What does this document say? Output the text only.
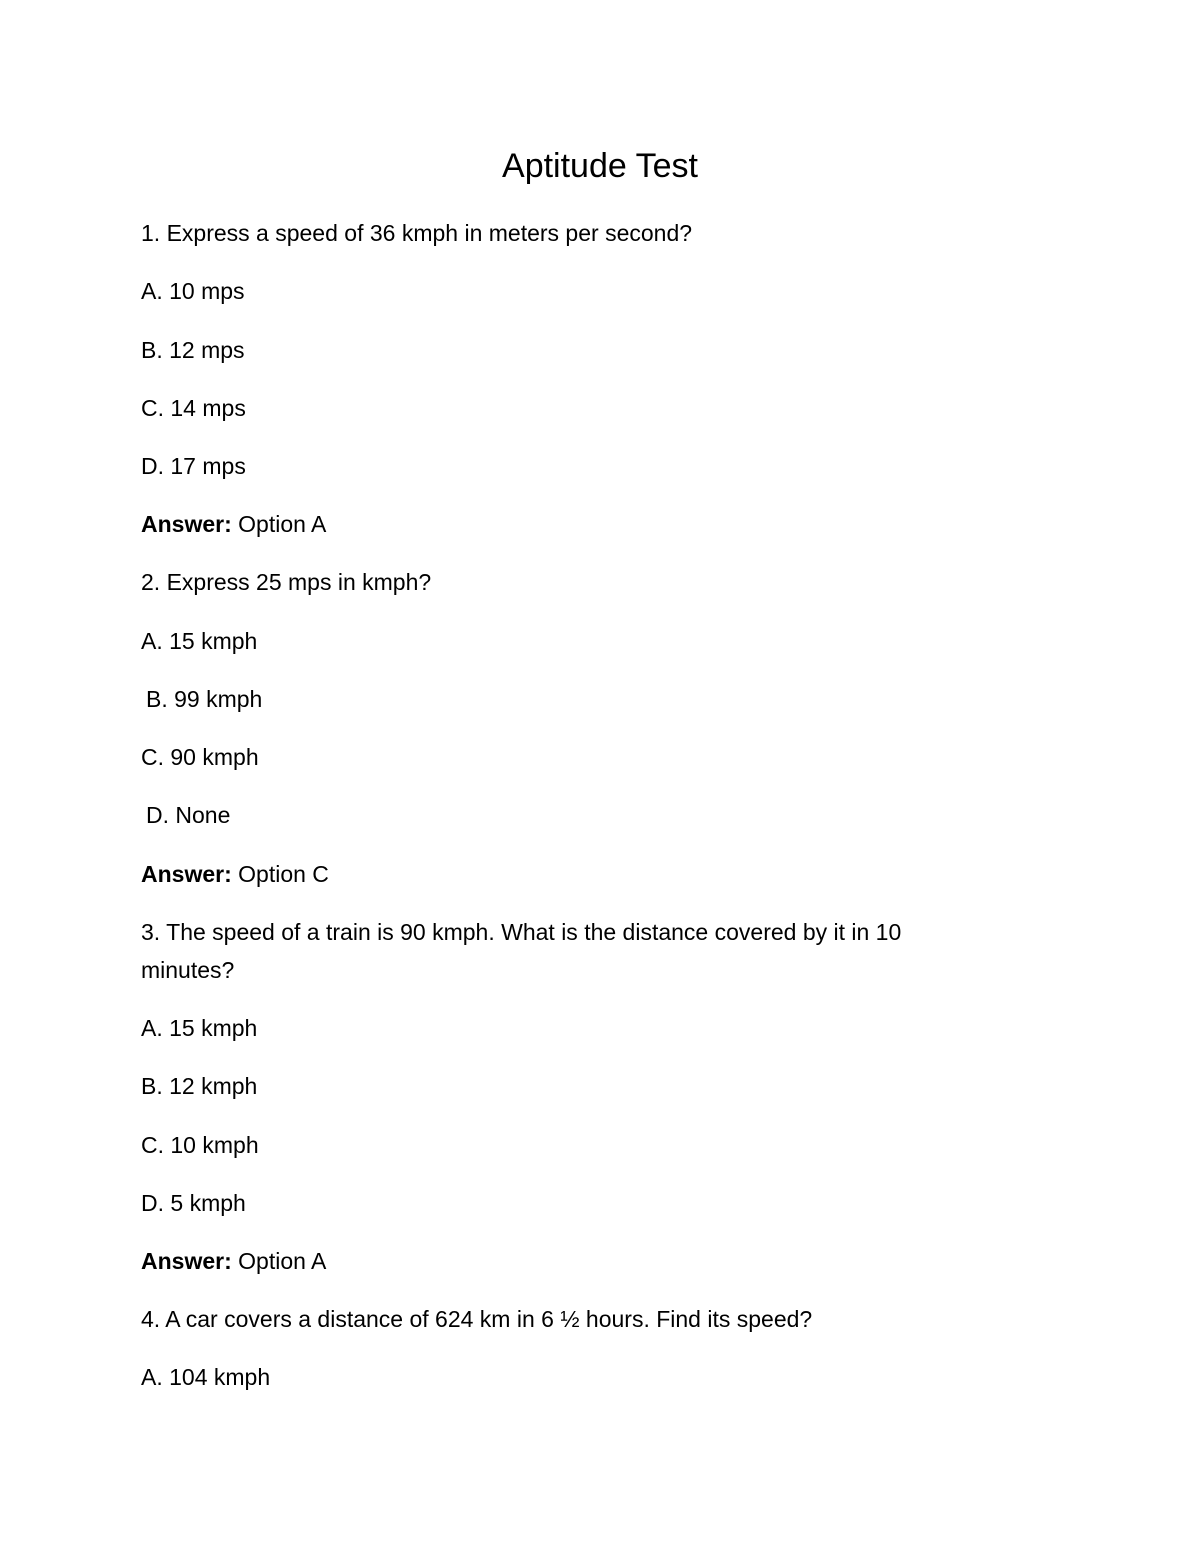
Aptitude Test

1. Express a speed of 36 kmph in meters per second?

A. 10 mps

B. 12 mps

C. 14 mps

D. 17 mps

Answer: Option A

2. Express 25 mps in kmph?

A. 15 kmph

B. 99 kmph

C. 90 kmph

D. None

Answer: Option C

3. The speed of a train is 90 kmph. What is the distance covered by it in 10

minutes?

A. 15 kmph

B. 12 kmph

C. 10 kmph

D. 5 kmph

Answer: Option A

4. A car covers a distance of 624 km in 6 ½ hours. Find its speed?

A. 104 kmph
